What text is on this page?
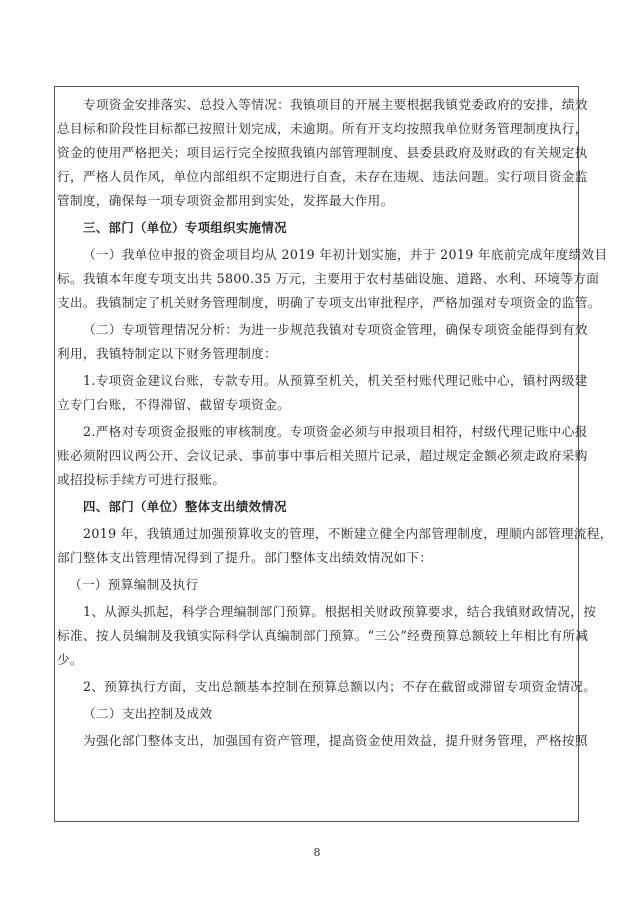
专项资金安排落实、总投入等情况：我镇项目的开展主要根据我镇党委政府的安排，绩效
总目标和阶段性目标都已按照计划完成，未逾期。所有开支均按照我单位财务管理制度执行，
资金的使用严格把关；项目运行完全按照我镇内部管理制度、县委县政府及财政的有关规定执
行，严格人员作风，单位内部组织不定期进行自查，未存在违规、违法问题。实行项目资金监
管制度，确保每一项专项资金都用到实处，发挥最大作用。
三、部门（单位）专项组织实施情况
（一）我单位申报的资金项目均从 2019 年初计划实施，并于 2019 年底前完成年度绩效目
标。我镇本年度专项支出共 5800.35 万元，主要用于农村基础设施、道路、水利、环境等方面
支出。我镇制定了机关财务管理制度，明确了专项支出审批程序，严格加强对专项资金的监管。
（二）专项管理情况分析：为进一步规范我镇对专项资金管理，确保专项资金能得到有效
利用，我镇特制定以下财务管理制度：
1.专项资金建议台账，专款专用。从预算至机关，机关至村账代理记账中心，镇村两级建
立专门台账，不得滞留、截留专项资金。
2.严格对专项资金报账的审核制度。专项资金必须与申报项目相符，村级代理记账中心报
账必须附四议两公开、会议记录、事前事中事后相关照片记录，超过规定金额必须走政府采购
或招投标手续方可进行报账。
四、部门（单位）整体支出绩效情况
2019 年，我镇通过加强预算收支的管理，不断建立健全内部管理制度，理顺内部管理流程，
部门整体支出管理情况得到了提升。部门整体支出绩效情况如下：
（一）预算编制及执行
1、从源头抓起，科学合理编制部门预算。根据相关财政预算要求，结合我镇财政情况，按
标准、按人员编制及我镇实际科学认真编制部门预算。“三公”经费预算总额较上年相比有所减
少。
2、预算执行方面，支出总额基本控制在预算总额以内；不存在截留或滞留专项资金情况。
（二）支出控制及成效
为强化部门整体支出，加强国有资产管理，提高资金使用效益，提升财务管理，严格按照
8
